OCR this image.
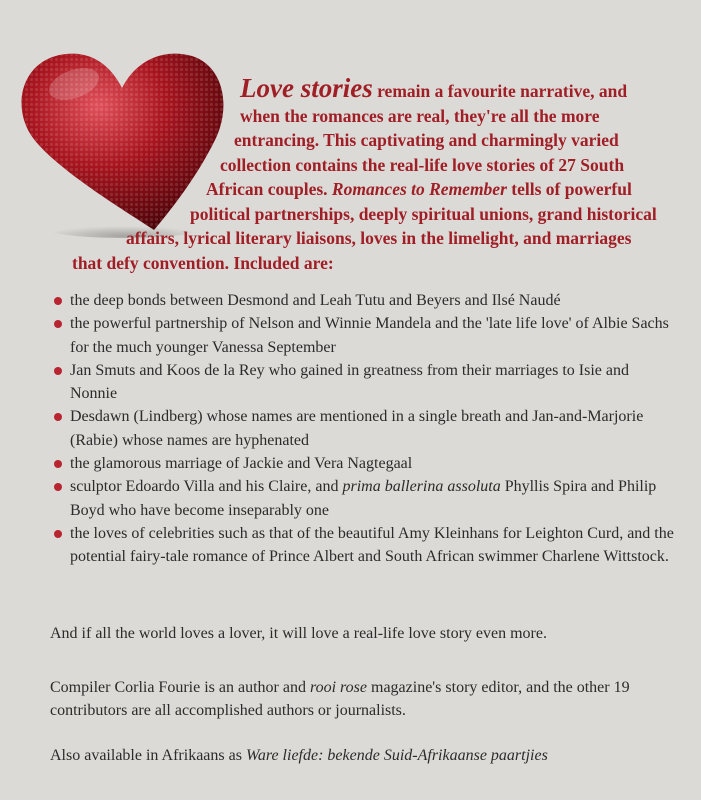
Love stories remain a favourite narrative, and
when the romances are real, they're all the more
entrancing. This captivating and charmingly varied
collection contains the real-life love stories of 27 South
African couples. Romances to Remember tells of powerful
political partnerships, deeply spiritual unions, grand historical
affairs, lyrical literary liaisons, loves in the limelight, and marriages
that defy convention. Included are:
the deep bonds between Desmond and Leah Tutu and Beyers and Ilsé Naudé
the powerful partnership of Nelson and Winnie Mandela and the 'late life love' of Albie Sachs for the much younger Vanessa September
Jan Smuts and Koos de la Rey who gained in greatness from their marriages to Isie and Nonnie
Desdawn (Lindberg) whose names are mentioned in a single breath and Jan-and-Marjorie (Rabie) whose names are hyphenated
the glamorous marriage of Jackie and Vera Nagtegaal
sculptor Edoardo Villa and his Claire, and prima ballerina assoluta Phyllis Spira and Philip Boyd who have become inseparably one
the loves of celebrities such as that of the beautiful Amy Kleinhans for Leighton Curd, and the potential fairy-tale romance of Prince Albert and South African swimmer Charlene Wittstock.

And if all the world loves a lover, it will love a real-life love story even more.

Compiler Corlia Fourie is an author and rooi rose magazine's story editor, and the other 19 contributors are all accomplished authors or journalists.

Also available in Afrikaans as Ware liefde: bekende Suid-Afrikaanse paartjies
